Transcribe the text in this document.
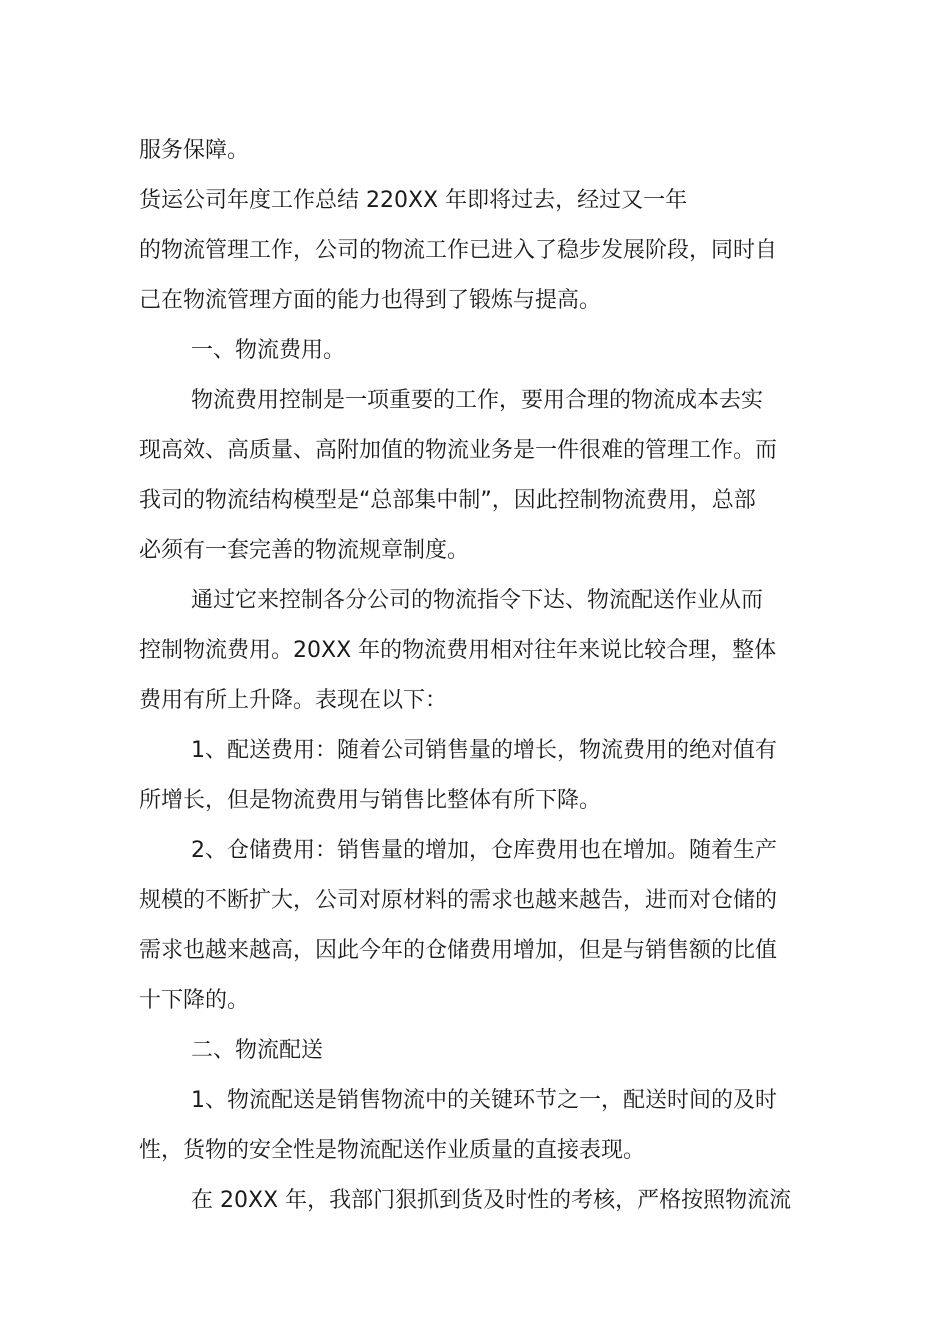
服务保障。
货运公司年度工作总结 220XX 年即将过去，经过又一年
的物流管理工作，公司的物流工作已进入了稳步发展阶段，同时自
己在物流管理方面的能力也得到了锻炼与提高。
一、物流费用。
物流费用控制是一项重要的工作，要用合理的物流成本去实
现高效、高质量、高附加值的物流业务是一件很难的管理工作。而
我司的物流结构模型是“总部集中制”，因此控制物流费用，总部
必须有一套完善的物流规章制度。
通过它来控制各分公司的物流指令下达、物流配送作业从而
控制物流费用。20XX 年的物流费用相对往年来说比较合理，整体
费用有所上升降。表现在以下：
1、配送费用：随着公司销售量的增长，物流费用的绝对值有
所增长，但是物流费用与销售比整体有所下降。
2、仓储费用：销售量的增加，仓库费用也在增加。随着生产
规模的不断扩大，公司对原材料的需求也越来越告，进而对仓储的
需求也越来越高，因此今年的仓储费用增加，但是与销售额的比值
十下降的。
二、物流配送
1、物流配送是销售物流中的关键环节之一，配送时间的及时
性，货物的安全性是物流配送作业质量的直接表现。
在 20XX 年，我部门狠抓到货及时性的考核，严格按照物流流
